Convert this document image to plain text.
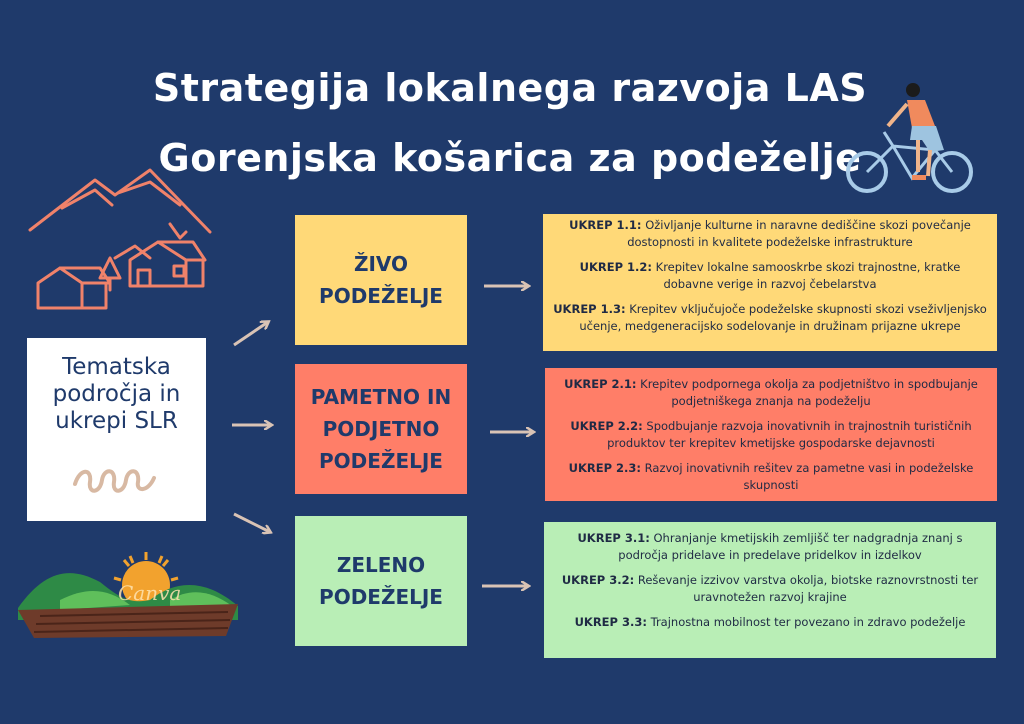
Strategija lokalnega razvoja LAS
Gorenjska košarica za podeželje
Tematska področja in ukrepi SLR
ŽIVO
PODEŽELJE
PAMETNO IN
PODJETNO
PODEŽELJE
ZELENO
PODEŽELJE

UKREP 1.1: Oživljanje kulturne in naravne dediščine skozi povečanje dostopnosti in kvalitete podeželske infrastrukture

UKREP 1.2: Krepitev lokalne samooskrbe skozi trajnostne, kratke dobavne verige in razvoj čebelarstva

UKREP 1.3: Krepitev vključujoče podeželske skupnosti skozi vseživljenjsko učenje, medgeneracijsko sodelovanje in družinam prijazne ukrepe

UKREP 2.1: Krepitev podpornega okolja za podjetništvo in spodbujanje podjetniškega znanja na podeželju

UKREP 2.2: Spodbujanje razvoja inovativnih in trajnostnih turističnih produktov ter krepitev kmetijske gospodarske dejavnosti

UKREP 2.3: Razvoj inovativnih rešitev za pametne vasi in podeželske skupnosti

UKREP 3.1: Ohranjanje kmetijskih zemljišč ter nadgradnja znanj s področja pridelave in predelave pridelkov in izdelkov

UKREP 3.2: Reševanje izzivov varstva okolja, biotske raznovrstnosti ter uravnotežen razvoj krajine

UKREP 3.3: Trajnostna mobilnost ter povezano in zdravo podeželje

Canva
